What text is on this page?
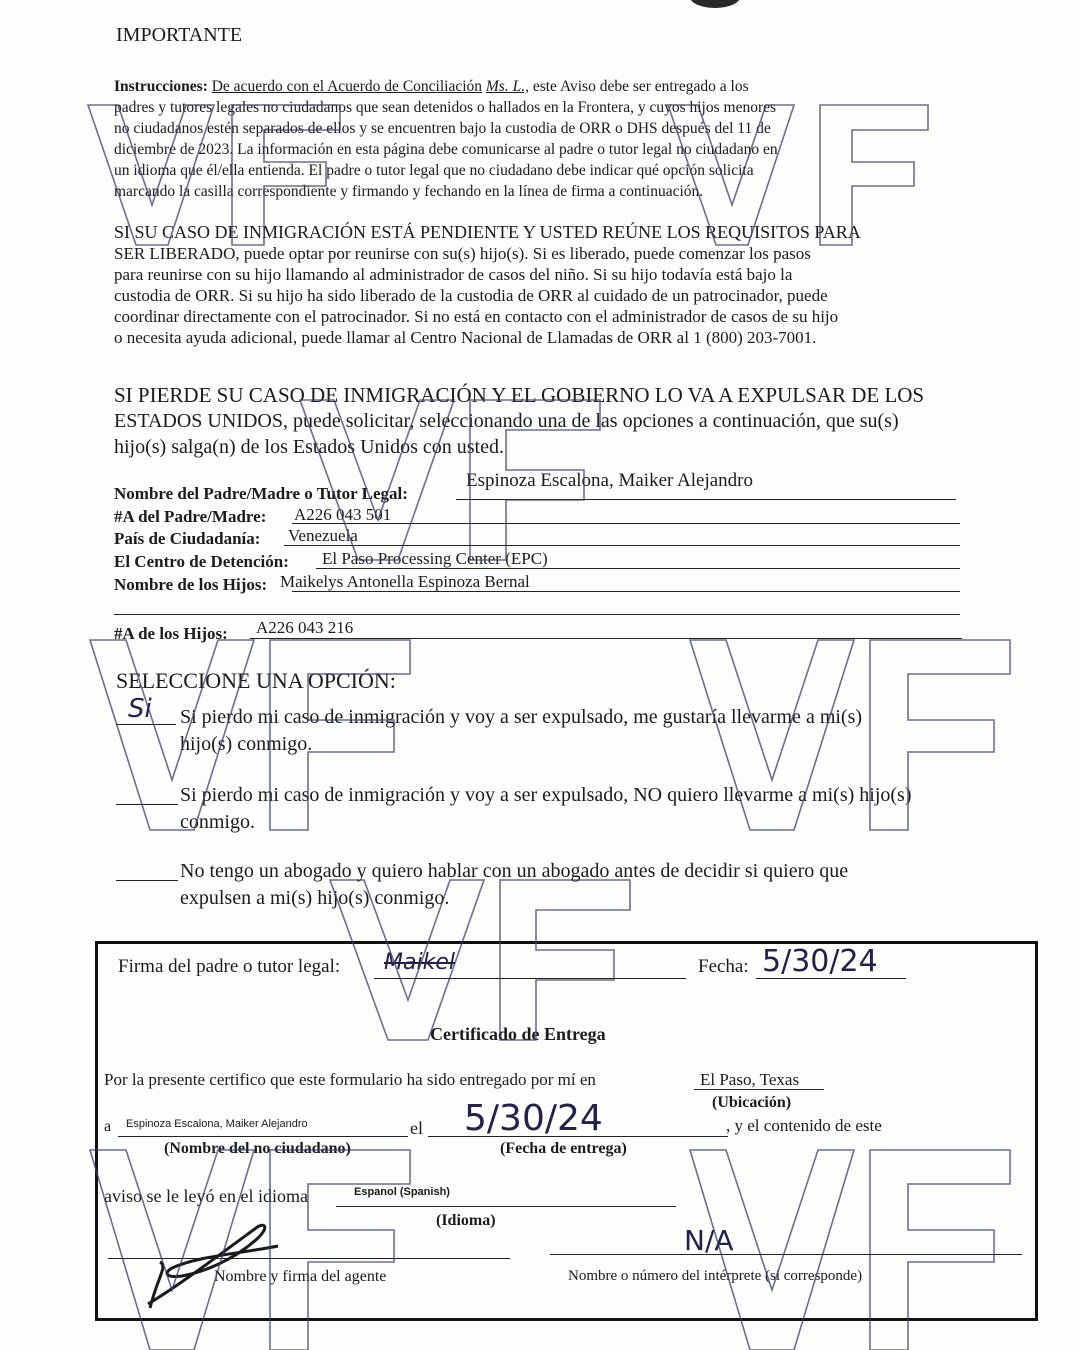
IMPORTANTE
Instrucciones: De acuerdo con el Acuerdo de Conciliación Ms. L., este Aviso debe ser entregado a los
padres y tutores legales no ciudadanos que sean detenidos o hallados en la Frontera, y cuyos hijos menores
no ciudadanos estén separados de ellos y se encuentren bajo la custodia de ORR o DHS después del 11 de
diciembre de 2023. La información en esta página debe comunicarse al padre o tutor legal no ciudadano en
un idioma que él/ella entienda. El padre o tutor legal que no ciudadano debe indicar qué opción solicita
marcando la casilla correspondiente y firmando y fechando en la línea de firma a continuación.
SI SU CASO DE INMIGRACIÓN ESTÁ PENDIENTE Y USTED REÚNE LOS REQUISITOS PARA
SER LIBERADO, puede optar por reunirse con su(s) hijo(s). Si es liberado, puede comenzar los pasos
para reunirse con su hijo llamando al administrador de casos del niño. Si su hijo todavía está bajo la
custodia de ORR. Si su hijo ha sido liberado de la custodia de ORR al cuidado de un patrocinador, puede
coordinar directamente con el patrocinador. Si no está en contacto con el administrador de casos de su hijo
o necesita ayuda adicional, puede llamar al Centro Nacional de Llamadas de ORR al 1 (800) 203-7001.
SI PIERDE SU CASO DE INMIGRACIÓN Y EL GOBIERNO LO VA A EXPULSAR DE LOS
ESTADOS UNIDOS, puede solicitar, seleccionando una de las opciones a continuación, que su(s)
hijo(s) salga(n) de los Estados Unidos con usted.
Nombre del Padre/Madre o Tutor Legal:
Espinoza Escalona, Maiker Alejandro
#A del Padre/Madre: A226 043 501
País de Ciudadanía: Venezuela
El Centro de Detención: El Paso Processing Center (EPC)
Nombre de los Hijos: Maikelys Antonella Espinoza Bernal
#A de los Hijos: A226 043 216
SELECCIONE UNA OPCIÓN:
Si Si pierdo mi caso de inmigración y voy a ser expulsado, me gustaría llevarme a mi(s)
hijo(s) conmigo.
Si pierdo mi caso de inmigración y voy a ser expulsado, NO quiero llevarme a mi(s) hijo(s)
conmigo.
No tengo un abogado y quiero hablar con un abogado antes de decidir si quiero que
expulsen a mi(s) hijo(s) conmigo.
Firma del padre o tutor legal: Maikel	Fecha: 5/30/24
Certificado de Entrega
Por la presente certifico que este formulario ha sido entregado por mí en	El Paso, Texas
(Ubicación)
a Espinoza Escalona, Maiker Alejandro	el 5/30/24	, y el contenido de este
(Nombre del no ciudadano)	(Fecha de entrega)
aviso se le leyó en el idioma	Espanol (Spanish)
(Idioma)
Nombre y firma del agente
N/A
Nombre o número del intérprete (si corresponde)
